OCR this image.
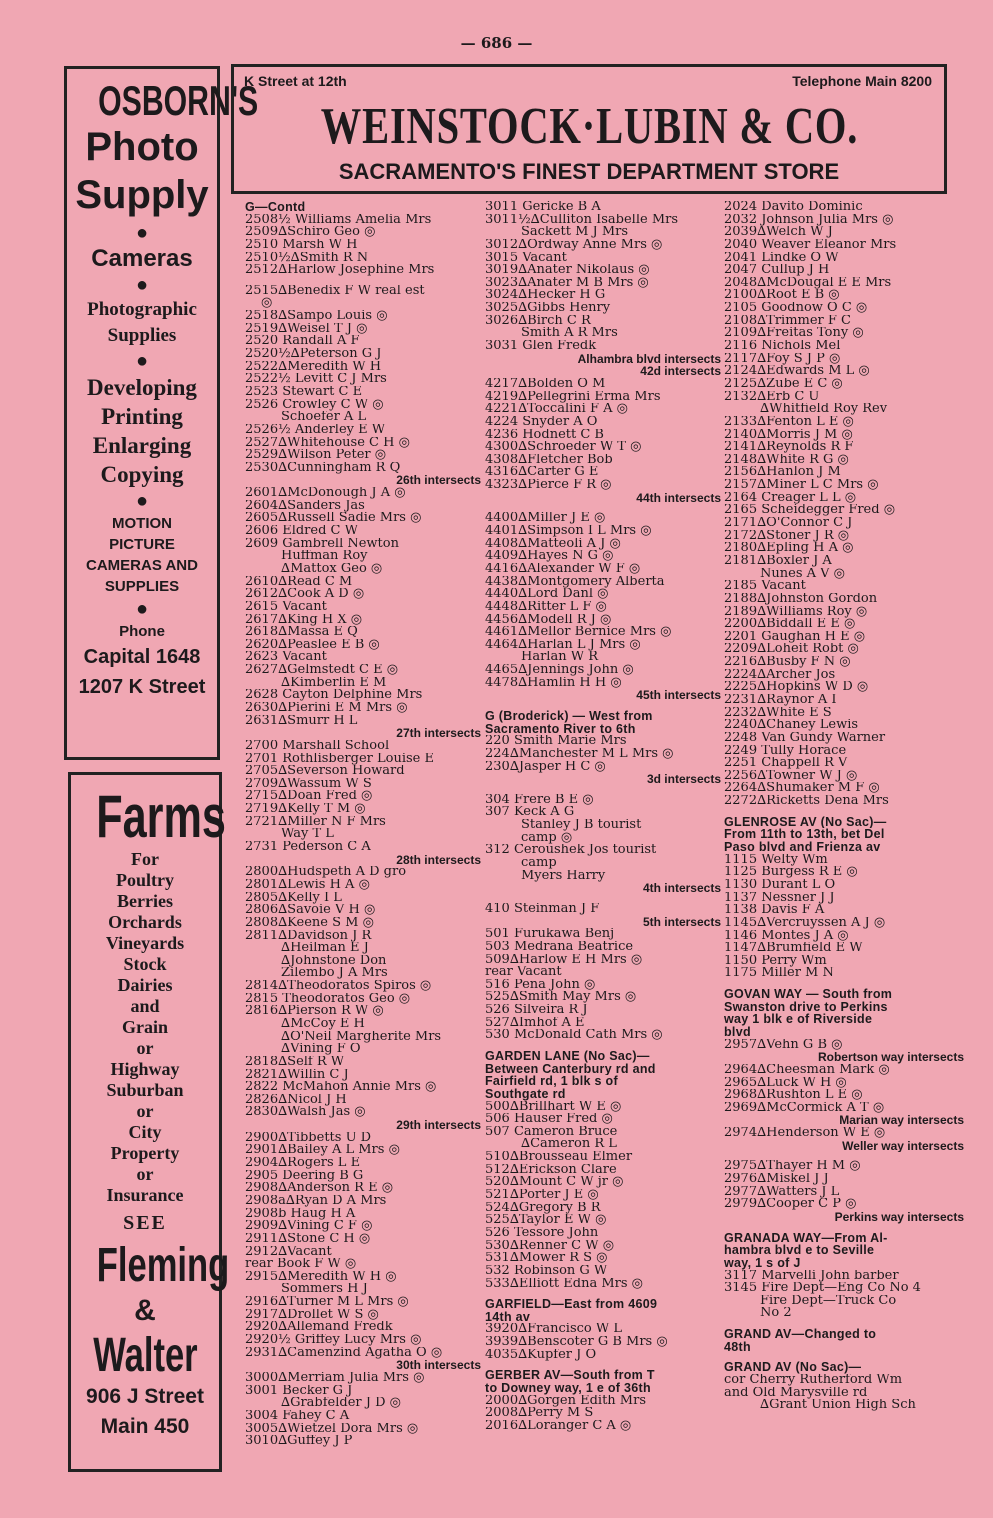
— 686 —
OSBORN'S
Photo
Supply
●
Cameras
●
Photographic
Supplies
●
Developing
Printing
Enlarging
Copying
●
MOTION
PICTURE
CAMERAS AND
SUPPLIES
●
Phone
Capital 1648
1207 K Street
Farms
For
Poultry
Berries
Orchards
Vineyards
Stock
Dairies
and
Grain
or
Highway
Suburban
or
City
Property
or
Insurance
SEE
Fleming
&
Walter
906 J Street
Main 450
K Street at 12th	Telephone Main 8200
WEINSTOCK·LUBIN & CO.
SACRAMENTO'S FINEST DEPARTMENT STORE
G—Contd
2508½ Williams Amelia Mrs
2509∆Schiro Geo ◎
2510 Marsh W H
2510½∆Smith R N
2512∆Harlow Josephine Mrs
2515∆Benedix F W real est
◎
2518∆Sampo Louis ◎
2519∆Weisel T J ◎
2520 Randall A F
2520½∆Peterson G J
2522∆Meredith W H
2522½ Levitt C J Mrs
2523 Stewart C E
2526 Crowley C W ◎
Schoefer A L
2526½ Anderley E W
2527∆Whitehouse C H ◎
2529∆Wilson Peter ◎
2530∆Cunningham R Q
26th intersects
2601∆McDonough J A ◎
2604∆Sanders Jas
2605∆Russell Sadie Mrs ◎
2606 Eldred C W
2609 Gambrell Newton
Huffman Roy
∆Mattox Geo ◎
2610∆Read C M
2612∆Cook A D ◎
2615 Vacant
2617∆King H X ◎
2618∆Massa E Q
2620∆Peaslee E B ◎
2623 Vacant
2627∆Gelmstedt C E ◎
∆Kimberlin E M
2628 Cayton Delphine Mrs
2630∆Pierini E M Mrs ◎
2631∆Smurr H L
27th intersects
2700 Marshall School
2701 Rothlisberger Louise E
2705∆Severson Howard
2709∆Wassum W S
2715∆Doan Fred ◎
2719∆Kelly T M ◎
2721∆Miller N F Mrs
Way T L
2731 Pederson C A
28th intersects
2800∆Hudspeth A D gro
2801∆Lewis H A ◎
2805∆Kelly I L
2806∆Savoie V H ◎
2808∆Keene S M ◎
2811∆Davidson J R
∆Heilman E J
∆Johnstone Don
Zilembo J A Mrs
2814∆Theodoratos Spiros ◎
2815 Theodoratos Geo ◎
2816∆Pierson R W ◎
∆McCoy E H
∆O'Neil Margherite Mrs
∆Vining F O
2818∆Self R W
2821∆Willin C J
2822 McMahon Annie Mrs ◎
2826∆Nicol J H
2830∆Walsh Jas ◎
29th intersects
2900∆Tibbetts U D
2901∆Bailey A L Mrs ◎
2904∆Rogers L E
2905 Deering B G
2908∆Anderson R E ◎
2908a∆Ryan D A Mrs
2908b Haug H A
2909∆Vining C F ◎
2911∆Stone C H ◎
2912∆Vacant
rear Book F W ◎
2915∆Meredith W H ◎
Sommers H J
2916∆Turner M L Mrs ◎
2917∆Drollet W S ◎
2920∆Allemand Fredk
2920½ Griffey Lucy Mrs ◎
2931∆Camenzind Agatha O ◎
30th intersects
3000∆Merriam Julia Mrs ◎
3001 Becker G J
∆Grabfelder J D ◎
3004 Fahey C A
3005∆Wietzel Dora Mrs ◎
3010∆Guffey J P
3011 Gericke B A
3011½∆Culliton Isabelle Mrs
Sackett M J Mrs
3012∆Ordway Anne Mrs ◎
3015 Vacant
3019∆Anater Nikolaus ◎
3023∆Anater M B Mrs ◎
3024∆Hecker H G
3025∆Gibbs Henry
3026∆Birch C R
Smith A R Mrs
3031 Glen Fredk
Alhambra blvd intersects
42d intersects
4217∆Bolden O M
4219∆Pellegrini Erma Mrs
4221∆Toccalini F A ◎
4224 Snyder A O
4236 Hodnett C B
4300∆Schroeder W T ◎
4308∆Fletcher Bob
4316∆Carter G E
4323∆Pierce F R ◎
44th intersects
4400∆Miller J E ◎
4401∆Simpson I L Mrs ◎
4408∆Matteoli A J ◎
4409∆Hayes N G ◎
4416∆Alexander W F ◎
4438∆Montgomery Alberta
4440∆Lord Danl ◎
4448∆Ritter L F ◎
4456∆Modell R J ◎
4461∆Mellor Bernice Mrs ◎
4464∆Harlan L J Mrs ◎
Harlan W R
4465∆Jennings John ◎
4478∆Hamlin H H ◎
45th intersects
G (Broderick) — West from
Sacramento River to 6th
220 Smith Marie Mrs
224∆Manchester M L Mrs ◎
230∆Jasper H C ◎
3d intersects
304 Frere B E ◎
307 Keck A G
Stanley J B tourist
camp ◎
312 Ceroushek Jos tourist
camp
Myers Harry
4th intersects
410 Steinman J F
5th intersects
501 Furukawa Benj
503 Medrana Beatrice
509∆Harlow E H Mrs ◎
rear Vacant
516 Pena John ◎
525∆Smith May Mrs ◎
526 Silveira R J
527∆Imhof A E
530 McDonald Cath Mrs ◎
GARDEN LANE (No Sac)—
Between Canterbury rd and
Fairfield rd, 1 blk s of
Southgate rd
500∆Brillhart W E ◎
506 Hauser Fred ◎
507 Cameron Bruce
∆Cameron R L
510∆Brousseau Elmer
512∆Erickson Clare
520∆Mount C W jr ◎
521∆Porter J E ◎
524∆Gregory B R
525∆Taylor E W ◎
526 Tessore John
530∆Renner C W ◎
531∆Mower R S ◎
532 Robinson G W
533∆Elliott Edna Mrs ◎
GARFIELD—East from 4609
14th av
3920∆Francisco W L
3939∆Benscoter G B Mrs ◎
4035∆Kupfer J O
GERBER AV—South from T
to Downey way, 1 e of 36th
2000∆Gorgen Edith Mrs
2008∆Perry M S
2016∆Loranger C A ◎
2024 Davito Dominic
2032 Johnson Julia Mrs ◎
2039∆Welch W J
2040 Weaver Eleanor Mrs
2041 Lindke O W
2047 Cullup J H
2048∆McDougal E E Mrs
2100∆Root E B ◎
2105 Goodnow O C ◎
2108∆Trimmer F C
2109∆Freitas Tony ◎
2116 Nichols Mel
2117∆Foy S J P ◎
2124∆Edwards M L ◎
2125∆Zube E C ◎
2132∆Erb C U
∆Whitfield Roy Rev
2133∆Fenton L E ◎
2140∆Morris J M ◎
2141∆Reynolds R F
2148∆White R G ◎
2156∆Hanlon J M
2157∆Miner L C Mrs ◎
2164 Creager L L ◎
2165 Scheidegger Fred ◎
2171∆O'Connor C J
2172∆Stoner J R ◎
2180∆Epling H A ◎
2181∆Boxler J A
Nunes A V ◎
2185 Vacant
2188∆Johnston Gordon
2189∆Williams Roy ◎
2200∆Biddall E E ◎
2201 Gaughan H E ◎
2209∆Loheit Robt ◎
2216∆Busby F N ◎
2224∆Archer Jos
2225∆Hopkins W D ◎
2231∆Raynor A I
2232∆White E S
2240∆Chaney Lewis
2248 Van Gundy Warner
2249 Tully Horace
2251 Chappell R V
2256∆Towner W J ◎
2264∆Shumaker M F ◎
2272∆Ricketts Dena Mrs
GLENROSE AV (No Sac)—
From 11th to 13th, bet Del
Paso blvd and Frienza av
1115 Welty Wm
1125 Burgess R E ◎
1130 Durant L O
1137 Nessner J J
1138 Davis F A
1145∆Vercruyssen A J ◎
1146 Montes J A ◎
1147∆Brumfield E W
1150 Perry Wm
1175 Miller M N
GOVAN WAY — South from
Swanston drive to Perkins
way 1 blk e of Riverside
blvd
2957∆Vehn G B ◎
Robertson way intersects
2964∆Cheesman Mark ◎
2965∆Luck W H ◎
2968∆Rushton L E ◎
2969∆McCormick A T ◎
Marian way intersects
2974∆Henderson W E ◎
Weller way intersects
2975∆Thayer H M ◎
2976∆Miskel J J
2977∆Watters J L
2979∆Cooper C P ◎
Perkins way intersects
GRANADA WAY—From Al-
hambra blvd e to Seville
way, 1 s of J
3117 Marvelli John barber
3145 Fire Dept—Eng Co No 4
Fire Dept—Truck Co
No 2
GRAND AV—Changed to
48th
GRAND AV (No Sac)—
cor Cherry Rutherford Wm
and Old Marysville rd
∆Grant Union High Sch
